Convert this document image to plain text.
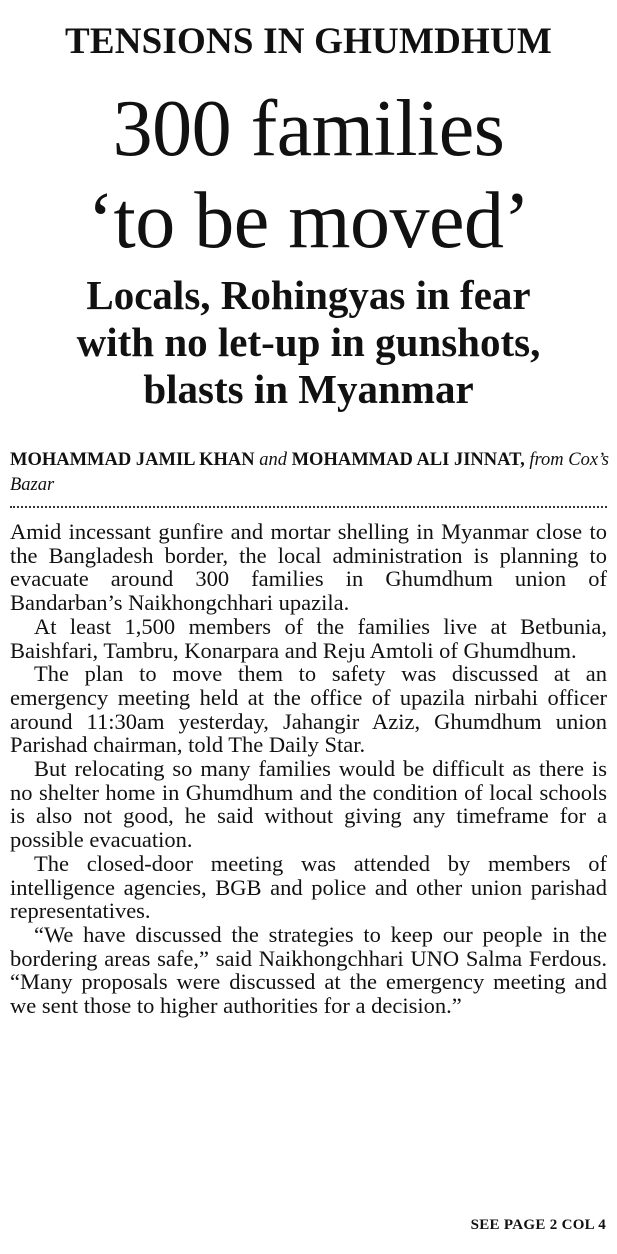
TENSIONS IN GHUMDHUM
300 families
‘to be moved’
Locals, Rohingyas in fear
with no let-up in gunshots,
blasts in Myanmar

MOHAMMAD JAMIL KHAN and MOHAMMAD ALI JINNAT, from Cox’s Bazar

Amid incessant gunfire and mortar shelling in Myanmar close to the Bangladesh border, the local administration is planning to evacuate around 300 families in Ghumdhum union of Bandarban’s Naikhongchhari upazila.

At least 1,500 members of the families live at Betbunia, Baishfari, Tambru, Konarpara and Reju Amtoli of Ghumdhum.

The plan to move them to safety was discussed at an emergency meeting held at the office of upazila nirbahi officer around 11:30am yesterday, Jahangir Aziz, Ghumdhum union Parishad chairman, told The Daily Star.

But relocating so many families would be difficult as there is no shelter home in Ghumdhum and the condition of local schools is also not good, he said without giving any timeframe for a possible evacuation.

The closed-door meeting was attended by members of intelligence agencies, BGB and police and other union parishad representatives.

“We have discussed the strategies to keep our people in the bordering areas safe,” said Naikhongchhari UNO Salma Ferdous. “Many proposals were discussed at the emergency meeting and we sent those to higher authorities for a decision.”

SEE PAGE 2 COL 4
